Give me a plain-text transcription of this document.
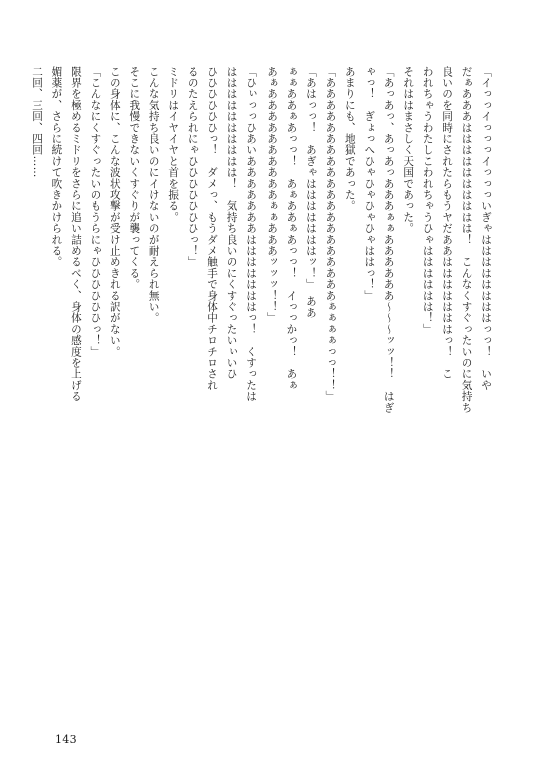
「イっっイっっっイっっっいぎゃははははははははっっ！　いや

だぁあああはははははははははは！　こんなくすぐったいのに気持ち

良いのを同時にされたらもうヤだああはははははははっ！　こ

われちゃうわたしこわれちゃうひゃはははははは！」

それははまさしく天国であった。

「あっあっ、あっあっあああぁぁああああああ〜〜〜ッッ！！　はぎ

ゃっ！　ぎょっへひゃひゃひゃひゃははっ！」

あまりにも、地獄であった。

「ああああああああああああああああああああぁぁぁぁっっ！！」

「あはっっ！　あぎゃはははははははッ！」　ああ

ぁぁああぁあっっ！　あぁああぁあっっ！　イっっかっ！　あぁ

あぁああああああああああぁぁあああッッッ！！」

「ひぃっっひあいあああああああはははははははっ！　くすったは

はははははははははは！　気持ち良いのにくすぐったいぃいひ

ひひひひひひっ！　ダメっ、もうダメ触手で身体中チロチロされ

るのたえられにゃひひひひひひひっ！」

ミドリはイヤイヤと首を振る。

こんな気持ち良いのにイけないのが耐えられ無い。

そこに我慢できないくすぐりが襲ってくる。

この身体に、こんな波状攻撃が受け止めきれる訳がない。

「こんなにくすぐったいのもうらにゃひひひひひひっ！」

限界を極めるミドリをさらに追い詰めるべく、身体の感度を上げる

媚薬が、さらに続けて吹きかけられる。

二回、三回、四回……

143
